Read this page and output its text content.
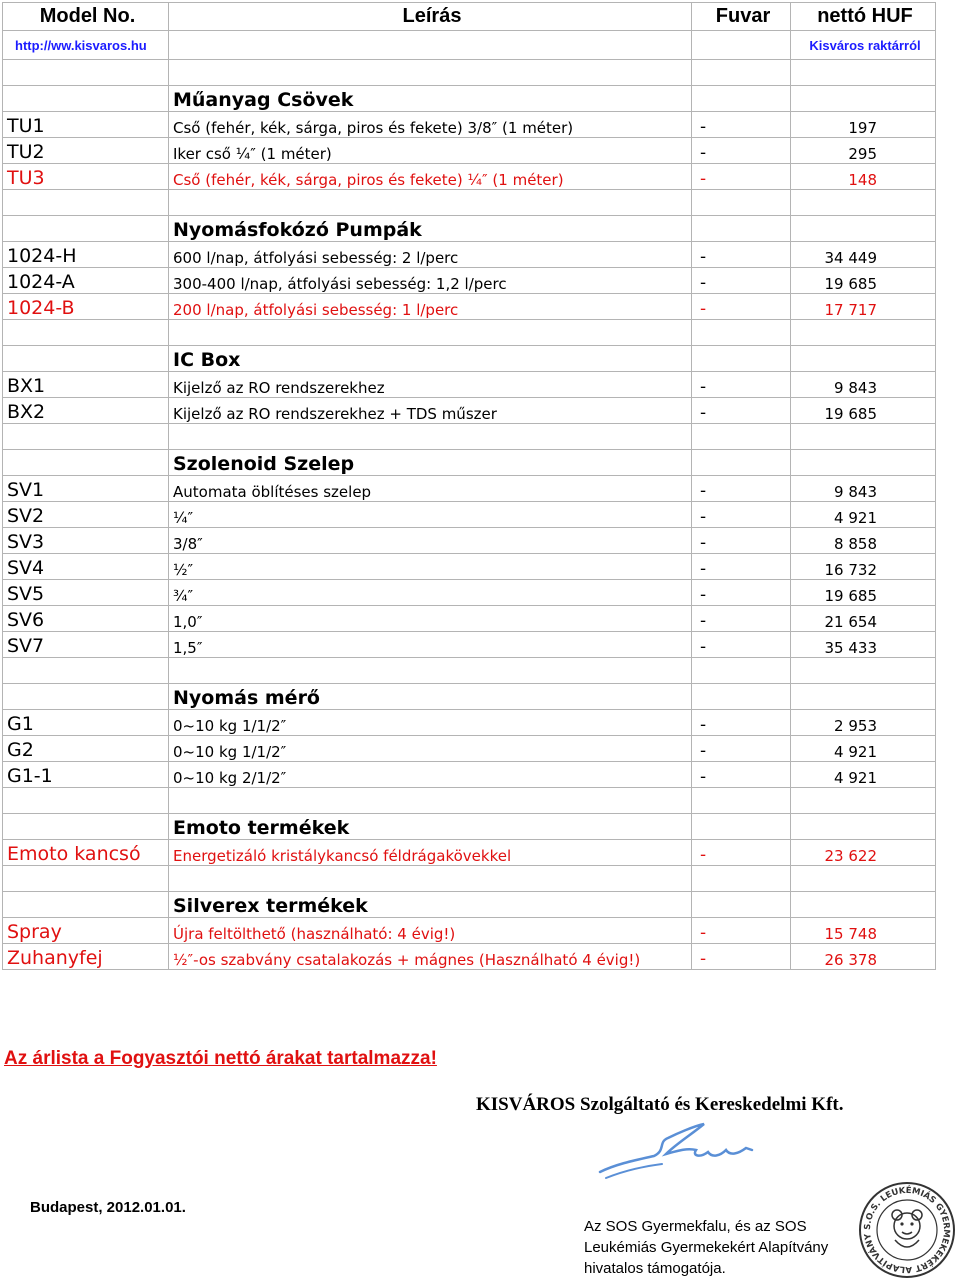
Model No.	Leírás	Fuvar	nettó HUF
http://ww.kisvaros.hu			Kisváros raktárról

	Műanyag Csövek		
TU1	Cső (fehér, kék, sárga, piros és fekete) 3/8″ (1 méter)	-	197
TU2	Iker cső ¼″ (1 méter)	-	295
TU3	Cső (fehér, kék, sárga, piros és fekete) ¼″ (1 méter)	-	148

	Nyomásfokózó Pumpák		
1024-H	600 l/nap, átfolyási sebesség: 2 l/perc	-	34 449
1024-A	300-400 l/nap, átfolyási sebesség: 1,2 l/perc	-	19 685
1024-B	200 l/nap, átfolyási sebesség: 1 l/perc	-	17 717

	IC Box		
BX1	Kijelző az RO rendszerekhez	-	9 843
BX2	Kijelző az RO rendszerekhez + TDS műszer	-	19 685

	Szolenoid Szelep		
SV1	Automata öblítéses szelep	-	9 843
SV2	¼″	-	4 921
SV3	3/8″	-	8 858
SV4	½″	-	16 732
SV5	¾″	-	19 685
SV6	1,0″	-	21 654
SV7	1,5″	-	35 433

	Nyomás mérő		
G1	0~10 kg 1/1/2″	-	2 953
G2	0~10 kg 1/1/2″	-	4 921
G1-1	0~10 kg 2/1/2″	-	4 921

	Emoto termékek		
Emoto kancsó	Energetizáló kristálykancsó féldrágakövekkel	-	23 622

	Silverex termékek		
Spray	Újra feltölthető (használható: 4 évig!)	-	15 748
Zuhanyfej	½″-os szabvány csatalakozás + mágnes (Használható 4 évig!)	-	26 378
Az árlista a Fogyasztói nettó árakat tartalmazza!
KISVÁROS Szolgáltató és Kereskedelmi Kft.
Budapest, 2012.01.01.
Az SOS Gyermekfalu, és az SOS
Leukémiás Gyermekekért Alapítvány
hivatalos támogatója.
S.O.S. LEUKÉMIÁS GYERMEKEKÉRT ALAPÍTVÁNY
